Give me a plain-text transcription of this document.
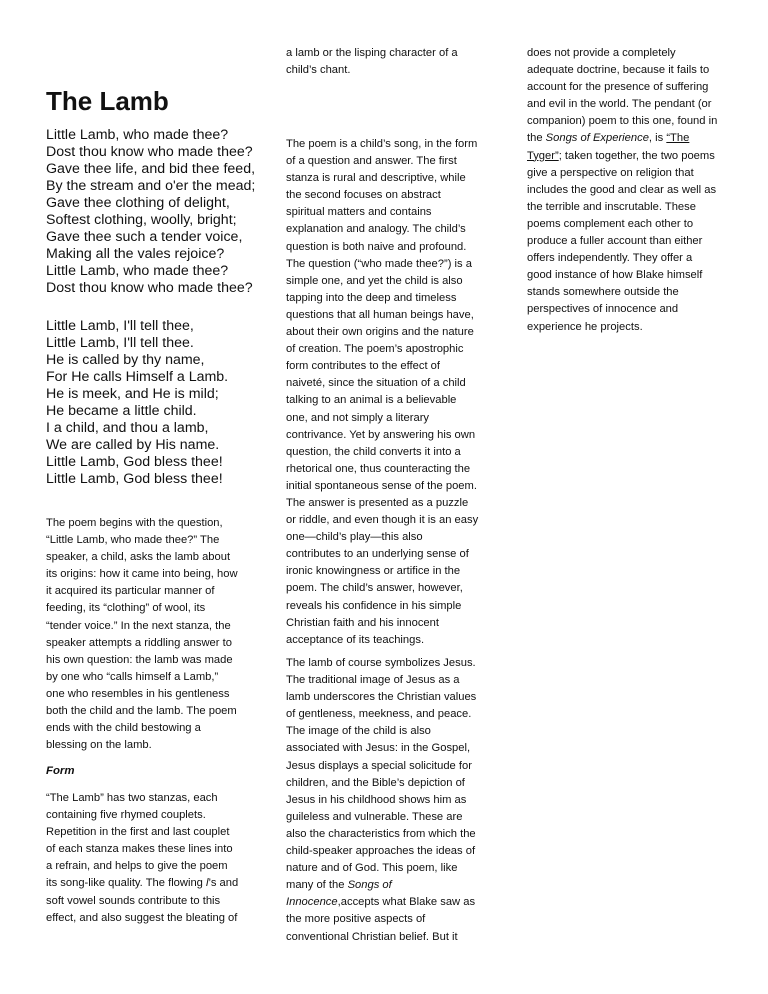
The Lamb
Little Lamb, who made thee?
Dost thou know who made thee?
Gave thee life, and bid thee feed,
By the stream and o'er the mead;
Gave thee clothing of delight,
Softest clothing, woolly, bright;
Gave thee such a tender voice,
Making all the vales rejoice?
Little Lamb, who made thee?
Dost thou know who made thee?
Little Lamb, I'll tell thee,
Little Lamb, I'll tell thee.
He is called by thy name,
For He calls Himself a Lamb.
He is meek, and He is mild;
He became a little child.
I a child, and thou a lamb,
We are called by His name.
Little Lamb, God bless thee!
Little Lamb, God bless thee!
The poem begins with the question,
“Little Lamb, who made thee?” The
speaker, a child, asks the lamb about
its origins: how it came into being, how
it acquired its particular manner of
feeding, its “clothing” of wool, its
“tender voice.” In the next stanza, the
speaker attempts a riddling answer to
his own question: the lamb was made
by one who “calls himself a Lamb,”
one who resembles in his gentleness
both the child and the lamb. The poem
ends with the child bestowing a
blessing on the lamb.
Form
“The Lamb” has two stanzas, each
containing five rhymed couplets.
Repetition in the first and last couplet
of each stanza makes these lines into
a refrain, and helps to give the poem
its song-like quality. The flowing l’s and
soft vowel sounds contribute to this
effect, and also suggest the bleating of
a lamb or the lisping character of a
child’s chant.
The poem is a child’s song, in the form
of a question and answer. The first
stanza is rural and descriptive, while
the second focuses on abstract
spiritual matters and contains
explanation and analogy. The child’s
question is both naive and profound.
The question (“who made thee?”) is a
simple one, and yet the child is also
tapping into the deep and timeless
questions that all human beings have,
about their own origins and the nature
of creation. The poem’s apostrophic
form contributes to the effect of
naiveté, since the situation of a child
talking to an animal is a believable
one, and not simply a literary
contrivance. Yet by answering his own
question, the child converts it into a
rhetorical one, thus counteracting the
initial spontaneous sense of the poem.
The answer is presented as a puzzle
or riddle, and even though it is an easy
one—child’s play—this also
contributes to an underlying sense of
ironic knowingness or artifice in the
poem. The child’s answer, however,
reveals his confidence in his simple
Christian faith and his innocent
acceptance of its teachings.
The lamb of course symbolizes Jesus.
The traditional image of Jesus as a
lamb underscores the Christian values
of gentleness, meekness, and peace.
The image of the child is also
associated with Jesus: in the Gospel,
Jesus displays a special solicitude for
children, and the Bible’s depiction of
Jesus in his childhood shows him as
guileless and vulnerable. These are
also the characteristics from which the
child-speaker approaches the ideas of
nature and of God. This poem, like
many of the Songs of
Innocence,accepts what Blake saw as
the more positive aspects of
conventional Christian belief. But it
does not provide a completely
adequate doctrine, because it fails to
account for the presence of suffering
and evil in the world. The pendant (or
companion) poem to this one, found in
the Songs of Experience, is “The
Tyger”; taken together, the two poems
give a perspective on religion that
includes the good and clear as well as
the terrible and inscrutable. These
poems complement each other to
produce a fuller account than either
offers independently. They offer a
good instance of how Blake himself
stands somewhere outside the
perspectives of innocence and
experience he projects.
